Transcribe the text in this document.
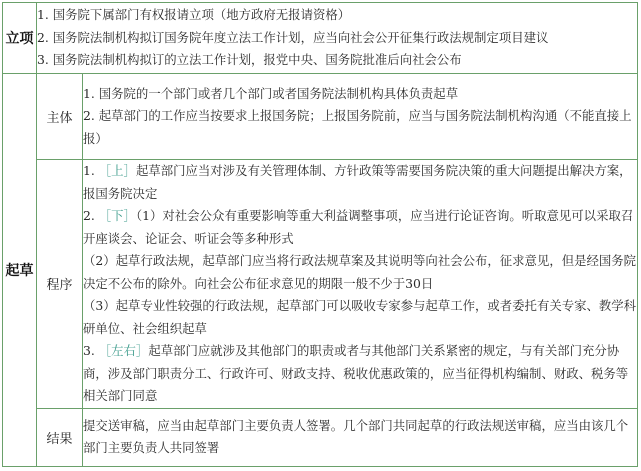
立项	1. 国务院下属部门有权报请立项（地方政府无报请资格）
2. 国务院法制机构拟订国务院年度立法工作计划，应当向社会公开征集行政法规制定项目建议
3. 国务院法制机构拟订的立法工作计划，报党中央、国务院批准后向社会公布	

起草	主体	1. 国务院的一个部门或者几个部门或者国务院法制机构具体负责起草
2. 起草部门的工作应当按要求上报国务院；上报国务院前，应当与国务院法制机构沟通（不能直接上报）

	程序	1. ［上］起草部门应当对涉及有关管理体制、方针政策等需要国务院决策的重大问题提出解决方案，报国务院决定
2. ［下］（1）对社会公众有重要影响等重大利益调整事项，应当进行论证咨询。听取意见可以采取召开座谈会、论证会、听证会等多种形式
（2）起草行政法规，起草部门应当将行政法规草案及其说明等向社会公布，征求意见，但是经国务院决定不公布的除外。向社会公布征求意见的期限一般不少于30日
（3）起草专业性较强的行政法规，起草部门可以吸收专家参与起草工作，或者委托有关专家、教学科研单位、社会组织起草
3. ［左右］起草部门应就涉及其他部门的职责或者与其他部门关系紧密的规定，与有关部门充分协商，涉及部门职责分工、行政许可、财政支持、税收优惠政策的，应当征得机构编制、财政、税务等相关部门同意

	结果	提交送审稿，应当由起草部门主要负责人签署。几个部门共同起草的行政法规送审稿，应当由该几个部门主要负责人共同签署
